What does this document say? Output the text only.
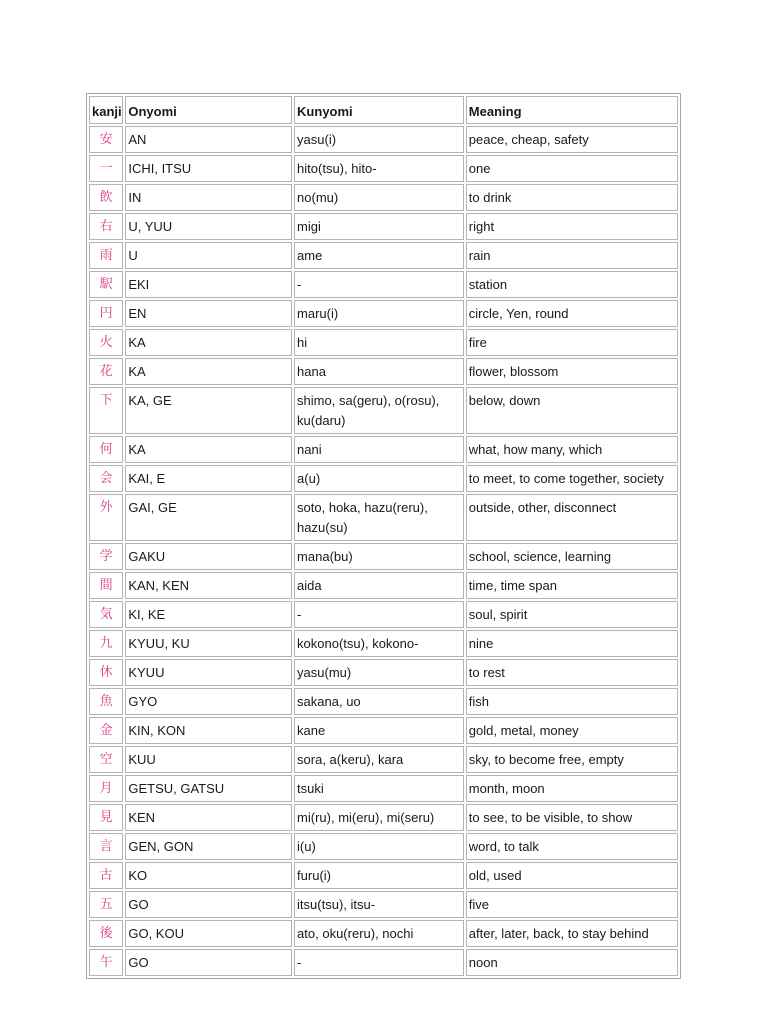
kanji	Onyomi	Kunyomi	Meaning
安	AN	yasu(i)	peace, cheap, safety
一	ICHI, ITSU	hito(tsu), hito-	one
飲	IN	no(mu)	to drink
右	U, YUU	migi	right
雨	U	ame	rain
駅	EKI	-	station
円	EN	maru(i)	circle, Yen, round
火	KA	hi	fire
花	KA	hana	flower, blossom
下	KA, GE	shimo, sa(geru), o(rosu), ku(daru)	below, down
何	KA	nani	what, how many, which
会	KAI, E	a(u)	to meet, to come together, society
外	GAI, GE	soto, hoka, hazu(reru), hazu(su)	outside, other, disconnect
学	GAKU	mana(bu)	school, science, learning
間	KAN, KEN	aida	time, time span
気	KI, KE	-	soul, spirit
九	KYUU, KU	kokono(tsu), kokono-	nine
休	KYUU	yasu(mu)	to rest
魚	GYO	sakana, uo	fish
金	KIN, KON	kane	gold, metal, money
空	KUU	sora, a(keru), kara	sky, to become free, empty
月	GETSU, GATSU	tsuki	month, moon
見	KEN	mi(ru), mi(eru), mi(seru)	to see, to be visible, to show
言	GEN, GON	i(u)	word, to talk
古	KO	furu(i)	old, used
五	GO	itsu(tsu), itsu-	five
後	GO, KOU	ato, oku(reru), nochi	after, later, back, to stay behind
午	GO	-	noon
